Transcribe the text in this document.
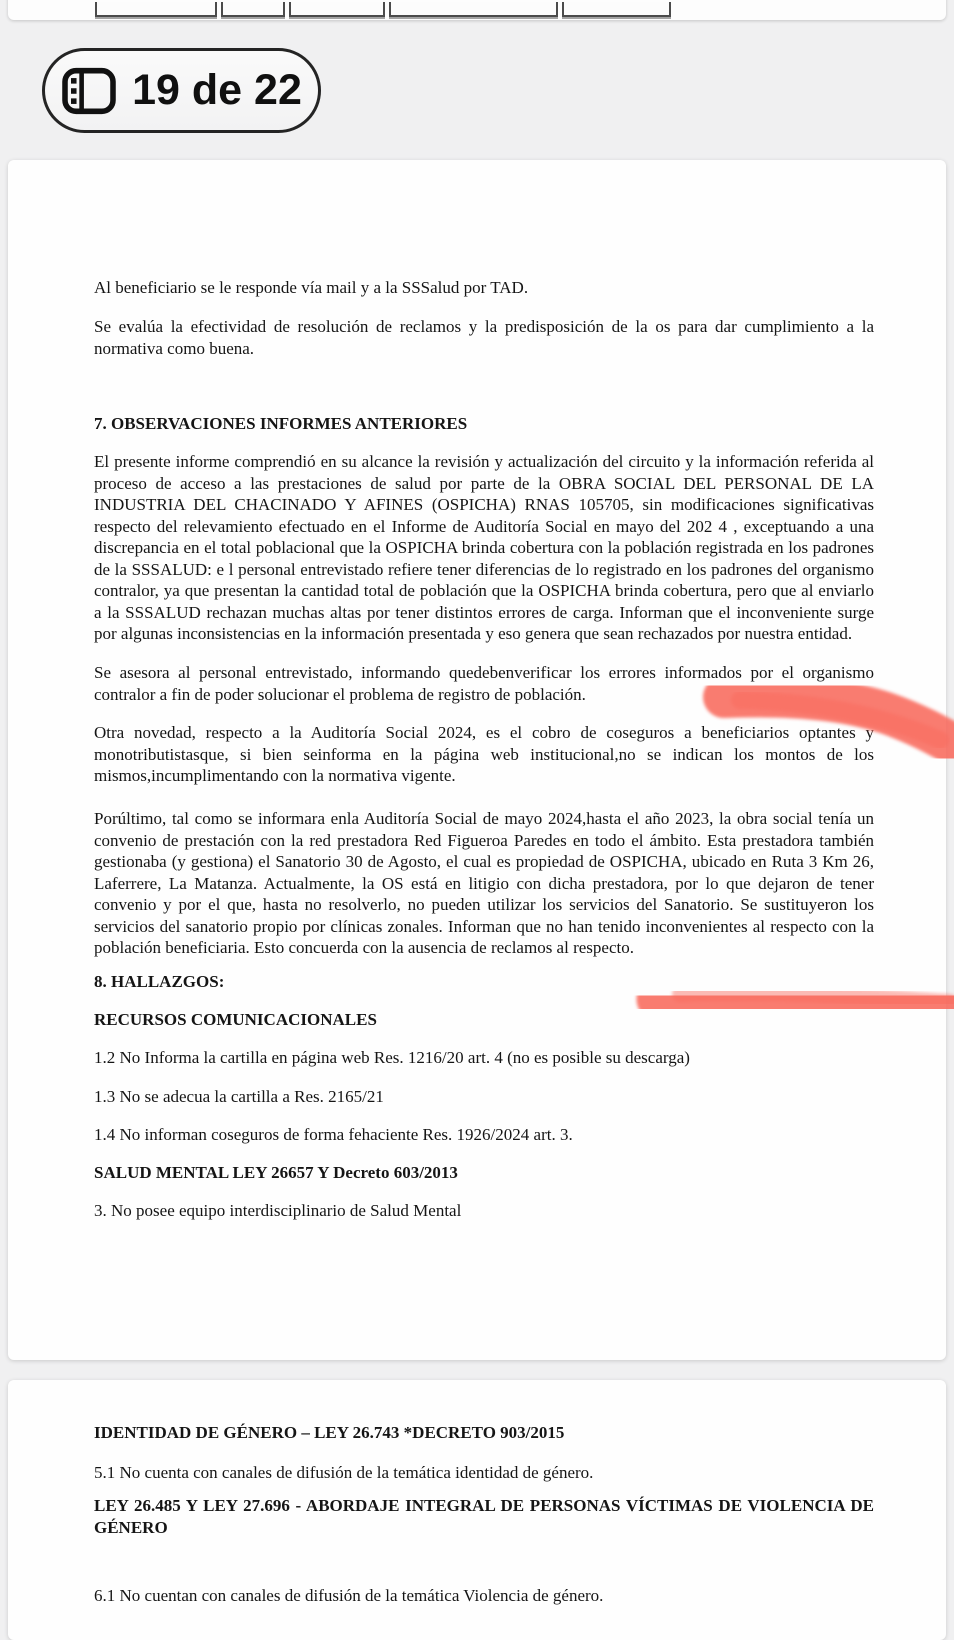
19 de 22

Al beneficiario se le responde vía mail y a la SSSalud por TAD.

Se evalúa la efectividad de resolución de reclamos y la predisposición de la os para dar cumplimiento a la normativa como buena.

7. OBSERVACIONES INFORMES ANTERIORES

El presente informe comprendió en su alcance la revisión y actualización del circuito y la información referida al proceso de acceso a las prestaciones de salud por parte de la OBRA SOCIAL DEL PERSONAL DE LA INDUSTRIA DEL CHACINADO Y AFINES (OSPICHA) RNAS 105705, sin modificaciones significativas respecto del relevamiento efectuado en el Informe de Auditoría Social en mayo del 202 4 , exceptuando a una discrepancia en el total poblacional que la OSPICHA brinda cobertura con la población registrada en los padrones de la SSSALUD: e l personal entrevistado refiere tener diferencias de lo registrado en los padrones del organismo contralor, ya que presentan la cantidad total de población que la OSPICHA brinda cobertura, pero que al enviarlo a la SSSALUD rechazan muchas altas por tener distintos errores de carga. Informan que el inconveniente surge por algunas inconsistencias en la información presentada y eso genera que sean rechazados por nuestra entidad.

Se asesora al personal entrevistado, informando quedebenverificar los errores informados por el organismo contralor a fin de poder solucionar el problema de registro de población.

Otra novedad, respecto a la Auditoría Social 2024, es el cobro de coseguros a beneficiarios optantes y monotributistasque, si bien seinforma en la página web institucional,no se indican los montos de los mismos,incumplimentando con la normativa vigente.

Porúltimo, tal como se informara enla Auditoría Social de mayo 2024,hasta el año 2023, la obra social tenía un convenio de prestación con la red prestadora Red Figueroa Paredes en todo el ámbito. Esta prestadora también gestionaba (y gestiona) el Sanatorio 30 de Agosto, el cual es propiedad de OSPICHA, ubicado en Ruta 3 Km 26, Laferrere, La Matanza. Actualmente, la OS está en litigio con dicha prestadora, por lo que dejaron de tener convenio y por el que, hasta no resolverlo, no pueden utilizar los servicios del Sanatorio. Se sustituyeron los servicios del sanatorio propio por clínicas zonales. Informan que no han tenido inconvenientes al respecto con la población beneficiaria. Esto concuerda con la ausencia de reclamos al respecto.

8. HALLAZGOS:

RECURSOS COMUNICACIONALES

1.2 No Informa la cartilla en página web Res. 1216/20 art. 4 (no es posible su descarga)

1.3 No se adecua la cartilla a Res. 2165/21

1.4 No informan coseguros de forma fehaciente Res. 1926/2024 art. 3.

SALUD MENTAL LEY 26657 Y Decreto 603/2013

3. No posee equipo interdisciplinario de Salud Mental

IDENTIDAD DE GÉNERO – LEY 26.743 *DECRETO 903/2015

5.1 No cuenta con canales de difusión de la temática identidad de género.

LEY 26.485 Y LEY 27.696 - ABORDAJE INTEGRAL DE PERSONAS VÍCTIMAS DE VIOLENCIA DE GÉNERO

6.1 No cuentan con canales de difusión de la temática Violencia de género.
